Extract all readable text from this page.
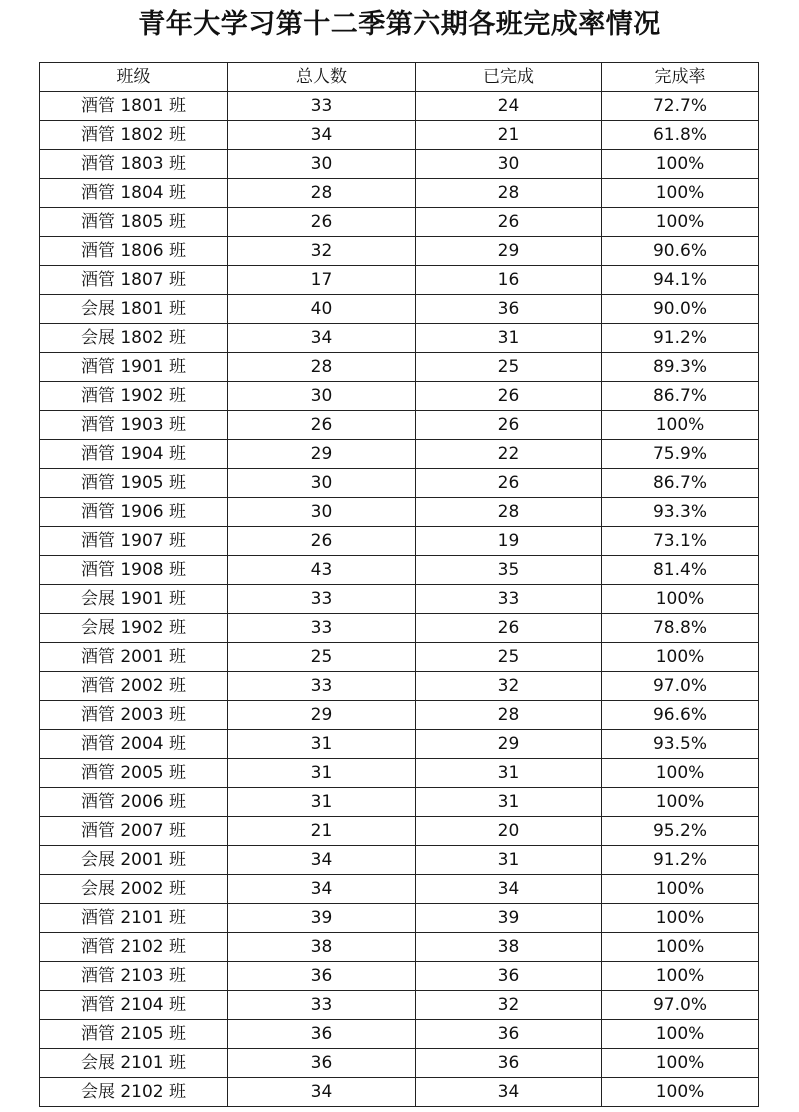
青年大学习第十二季第六期各班完成率情况
班级	总人数	已完成	完成率
酒管 1801 班	33	24	72.7%
酒管 1802 班	34	21	61.8%
酒管 1803 班	30	30	100%
酒管 1804 班	28	28	100%
酒管 1805 班	26	26	100%
酒管 1806 班	32	29	90.6%
酒管 1807 班	17	16	94.1%
会展 1801 班	40	36	90.0%
会展 1802 班	34	31	91.2%
酒管 1901 班	28	25	89.3%
酒管 1902 班	30	26	86.7%
酒管 1903 班	26	26	100%
酒管 1904 班	29	22	75.9%
酒管 1905 班	30	26	86.7%
酒管 1906 班	30	28	93.3%
酒管 1907 班	26	19	73.1%
酒管 1908 班	43	35	81.4%
会展 1901 班	33	33	100%
会展 1902 班	33	26	78.8%
酒管 2001 班	25	25	100%
酒管 2002 班	33	32	97.0%
酒管 2003 班	29	28	96.6%
酒管 2004 班	31	29	93.5%
酒管 2005 班	31	31	100%
酒管 2006 班	31	31	100%
酒管 2007 班	21	20	95.2%
会展 2001 班	34	31	91.2%
会展 2002 班	34	34	100%
酒管 2101 班	39	39	100%
酒管 2102 班	38	38	100%
酒管 2103 班	36	36	100%
酒管 2104 班	33	32	97.0%
酒管 2105 班	36	36	100%
会展 2101 班	36	36	100%
会展 2102 班	34	34	100%
